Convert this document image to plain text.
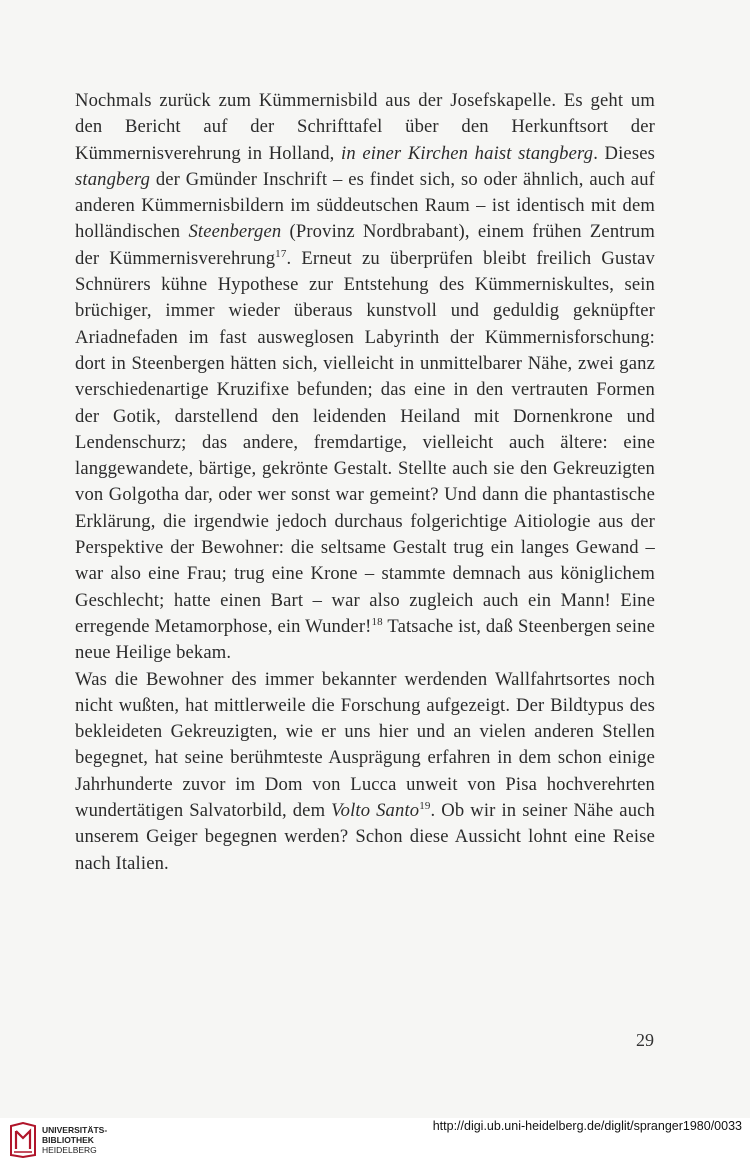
Nochmals zurück zum Kümmernisbild aus der Josefskapelle. Es geht um den Bericht auf der Schrifttafel über den Herkunftsort der Kümmernisverehrung in Holland, in einer Kirchen haist stangberg. Dieses stangberg der Gmünder Inschrift – es findet sich, so oder ähnlich, auch auf anderen Kümmernisbildern im süddeutschen Raum – ist identisch mit dem holländischen Steenbergen (Provinz Nordbrabant), einem frühen Zentrum der Kümmernisverehrung$^{17}$. Erneut zu überprüfen bleibt freilich Gustav Schnürers kühne Hypothese zur Entstehung des Kümmerniskultes, sein brüchiger, immer wieder überaus kunstvoll und geduldig geknüpfter Ariadnefaden im fast ausweglosen Labyrinth der Kümmernisforschung: dort in Steenbergen hätten sich, vielleicht in unmittelbarer Nähe, zwei ganz verschiedenartige Kruzifixe befunden; das eine in den vertrauten Formen der Gotik, darstellend den leidenden Heiland mit Dornenkrone und Lendenschurz; das andere, fremdartige, vielleicht auch ältere: eine langgewandete, bärtige, gekrönte Gestalt. Stellte auch sie den Gekreuzigten von Golgotha dar, oder wer sonst war gemeint? Und dann die phantastische Erklärung, die irgendwie jedoch durchaus folgerichtige Aitiologie aus der Perspektive der Bewohner: die seltsame Gestalt trug ein langes Gewand – war also eine Frau; trug eine Krone – stammte demnach aus königlichem Geschlecht; hatte einen Bart – war also zugleich auch ein Mann! Eine erregende Metamorphose, ein Wunder!$^{18}$ Tatsache ist, daß Steenbergen seine neue Heilige bekam.

Was die Bewohner des immer bekannter werdenden Wallfahrtsortes noch nicht wußten, hat mittlerweile die Forschung aufgezeigt. Der Bildtypus des bekleideten Gekreuzigten, wie er uns hier und an vielen anderen Stellen begegnet, hat seine berühmteste Ausprägung erfahren in dem schon einige Jahrhunderte zuvor im Dom von Lucca unweit von Pisa hochverehrten wundertätigen Salvatorbild, dem Volto Santo$^{19}$. Ob wir in seiner Nähe auch unserem Geiger begegnen werden? Schon diese Aussicht lohnt eine Reise nach Italien.

29
UNIVERSITÄTS-
BIBLIOTHEK
HEIDELBERG
http://digi.ub.uni-heidelberg.de/diglit/spranger1980/0033
